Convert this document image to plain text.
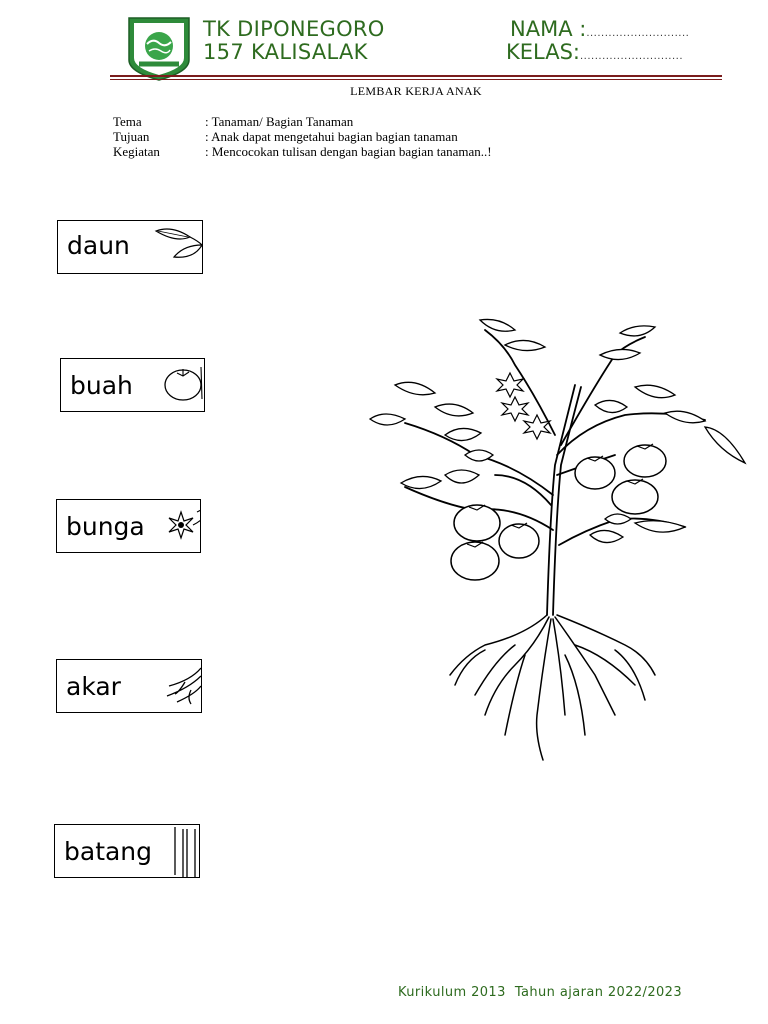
TK DIPONEGORO
157 KALISALAK
NAMA :............................
KELAS:............................
LEMBAR KERJA ANAK
Tema	: Tanaman/ Bagian Tanaman
Tujuan	: Anak dapat mengetahui bagian bagian tanaman
Kegiatan	: Mencocokan tulisan dengan bagian bagian tanaman..!
daun
buah
bunga
akar
batang
Kurikulum 2013  Tahun ajaran 2022/2023
